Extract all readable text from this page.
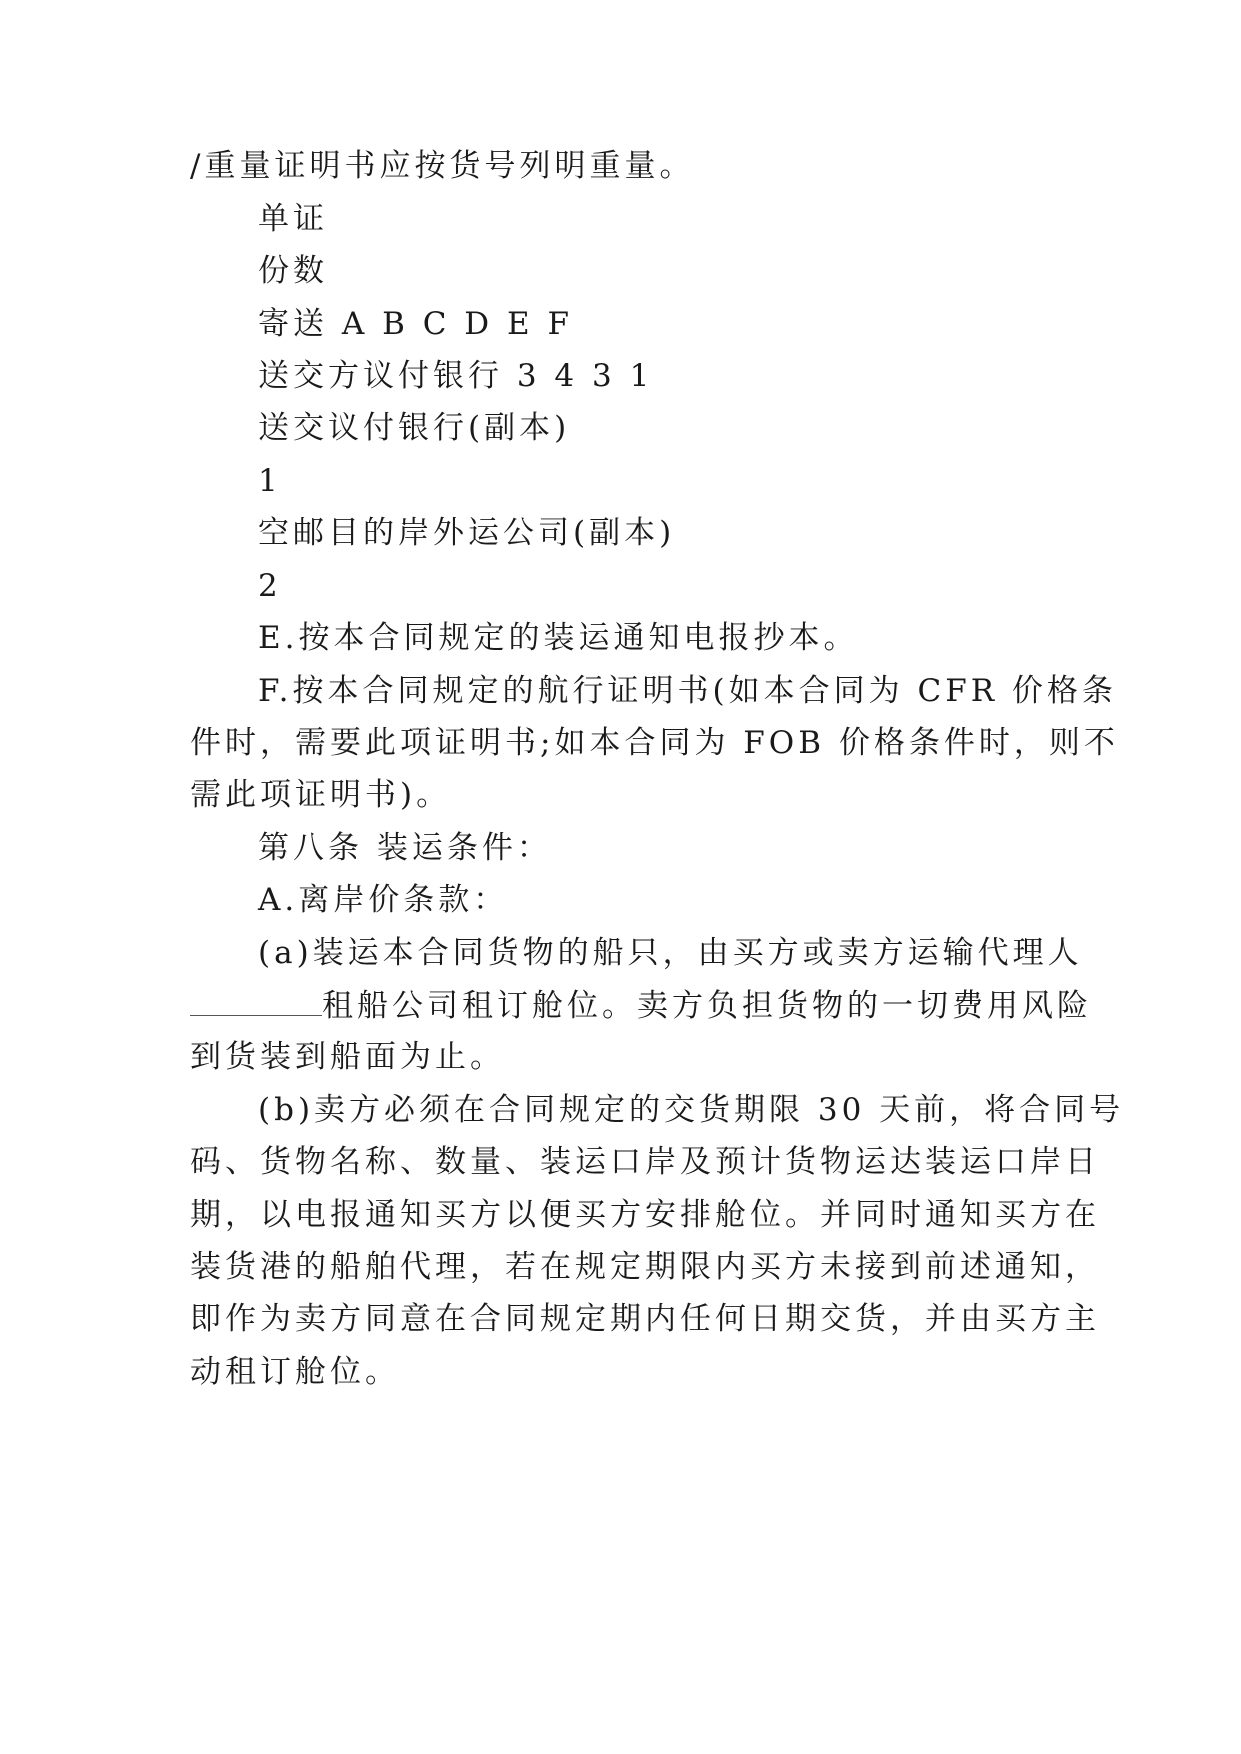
/重量证明书应按货号列明重量。
单证
份数
寄送 A B C D E F
送交方议付银行 3 4 3 1
送交议付银行(副本)
1
空邮目的岸外运公司(副本)
2
E.按本合同规定的装运通知电报抄本。
F.按本合同规定的航行证明书(如本合同为 CFR 价格条
件时，需要此项证明书;如本合同为 FOB 价格条件时，则不
需此项证明书)。
第八条 装运条件：
A.离岸价条款：
(a)装运本合同货物的船只，由买方或卖方运输代理人
租船公司租订舱位。卖方负担货物的一切费用风险
到货装到船面为止。
(b)卖方必须在合同规定的交货期限 30 天前，将合同号
码、货物名称、数量、装运口岸及预计货物运达装运口岸日
期，以电报通知买方以便买方安排舱位。并同时通知买方在
装货港的船舶代理，若在规定期限内买方未接到前述通知，
即作为卖方同意在合同规定期内任何日期交货，并由买方主
动租订舱位。
